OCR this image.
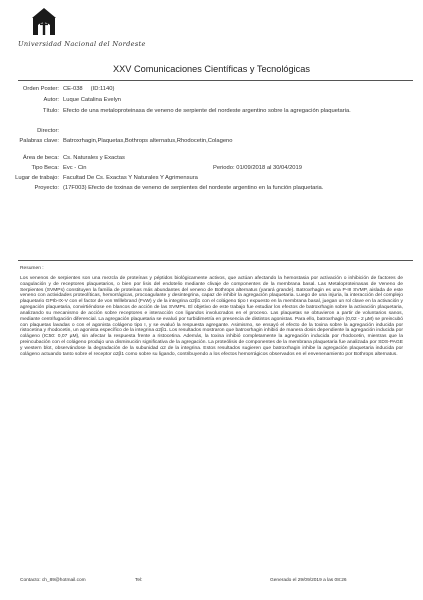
Universidad Nacional del Nordeste
XXV Comunicaciones Científicas y Tecnológicas
Orden Poster: CE-038 (ID:1140)
Autor: Luque Catalina Evelyn
Título: Efecto de una metaloproteinasa de veneno de serpiente del nordeste argentino sobre la agregación plaquetaria.
Director:
Palabras clave: Batroxrhagin,Plaquetas,Bothrops alternatus,Rhodocetin,Colageno
Área de beca: Cs. Naturales y Exactas
Tipo Beca: Evc - Cin	Periodo: 01/09/2018 al 30/04/2019
Lugar de trabajo: Facultad De Cs. Exactas Y Naturales Y Agrimensura
Proyecto: (17F003) Efecto de toxinas de veneno de serpientes del nordeste argentino en la función plaquetaria.
Resumen :
Los venenos de serpientes son una mezcla de proteínas y péptidos biológicamente activos, que actúan afectando la hemostasia por activación o inhibición de factores de coagulación y de receptores plaquetarios, o bien por lisis del endotelio mediante clivaje de componentes de la membrana basal. Las Metaloproteinasas de Veneno de Serpientes (SVMPs) constituyen la familia de proteínas más abundantes del veneno de Bothrops alternatus (yarará grande). Batroxrhagin es una P-III SVMP, aislada de este veneno con actividades proteolíticas, hemorrágicas, procoagulante y desintegrina, capaz de inhibir la agregación plaquetaria. Luego de una injuria, la interacción del complejo plaquetario GPIb-IX-V con el factor de von Willebrand (FvW) y de la integrina α2β1 con el colágeno tipo I expuesto en la membrana basal, juegan un rol clave en la activación y agregación plaquetaria, convirtiéndose en blancos de acción de las SVMPs. El objetivo de este trabajo fue estudiar los efectos de batroxrhagin sobre la activación plaquetaria, analizando su mecanismo de acción sobre receptores e interacción con ligandos involucrados en el proceso. Las plaquetas se obtuvieron a partir de voluntarios sanos, mediante centrifugación diferencial. La agregación plaquetaria se evaluó por turbidimetría en presencia de distintos agonistas. Para ello, batroxrhagin (0,02 - 2 µM) se preincubó con plaquetas lavadas o con el agonista colágeno tipo I, y se evaluó la respuesta agregante. Asimismo, se ensayó el efecto de la toxina sobre la agregación inducida por ristocetina y rhodocetin, un agonista específico de la integrina α2β1. Los resultados mostraron que batroxrhagin inhibió de manera dosis dependiente la agregación inducida por colágeno (IC50: 0,07 µM), sin afectar la respuesta frente a ristocetina. Además, la toxina inhibió completamente la agregación inducida por rhodocetin, mientras que la preincubación con el colágeno produjo una disminución significativa de la agregación. La proteólisis de componentes de la membrana plaquetaria fue analizada por SDS-PAGE y western blot, observándose la degradación de la subunidad α2 de la integrina. Estos resultados sugieren que batroxrhagin inhibe la agregación plaquetaria inducida por colágeno actuando tanto sobre el receptor α2β1 como sobre su ligando, contribuyendo a los efectos hemorrágicos observados en el envenenamiento por Bothrops alternatus.
Contacto: ch_89@hotmail.com	Tel:	Generado el 29/09/2019 a las 08:26
